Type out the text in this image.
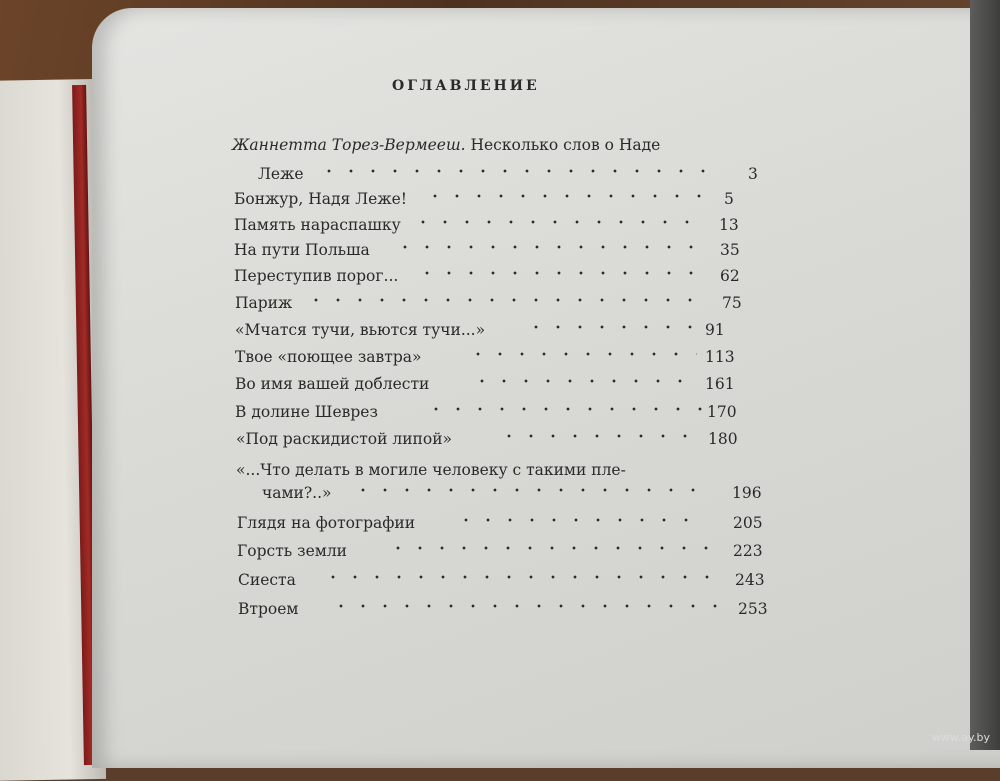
ОГЛАВЛЕНИЕ
Жаннетта Торез-Вермееш. Несколько слов о Наде
Леже	3
Бонжур, Надя Леже!	5
Память нараспашку	13
На пути Польша	35
Переступив порог...	62
Париж	75
«Мчатся тучи, вьются тучи...»	91
Твое «поющее завтра»	113
Во имя вашей доблести	161
В долине Шеврез	170
«Под раскидистой липой»	180
«...Что делать в могиле человеку с такими пле-
чами?..»	196
Глядя на фотографии	205
Горсть земли	223
Сиеста	243
Втроем	253
www.ay.by
